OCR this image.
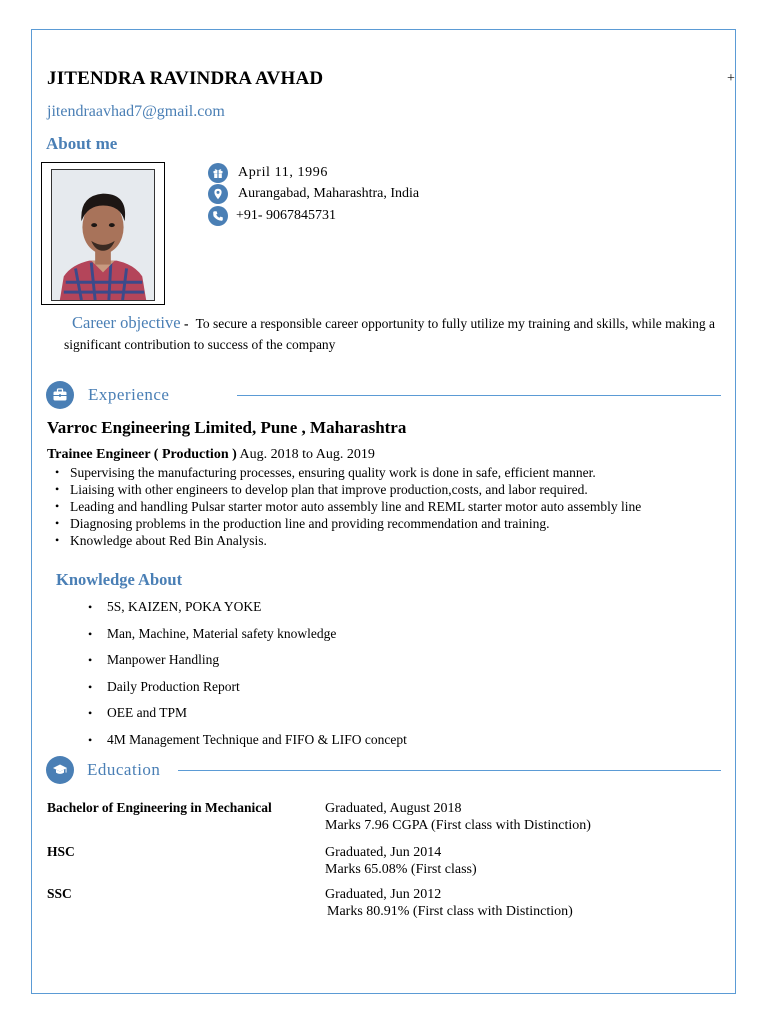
JITENDRA RAVINDRA AVHAD	+
jitendraavhad7@gmail.com
About me
April 11, 1996
Aurangabad, Maharashtra, India
+91- 9067845731
Career objective - To secure a responsible career opportunity to fully utilize my training and skills, while making a significant contribution to success of the company
Experience
Varroc Engineering Limited, Pune , Maharashtra
Trainee Engineer ( Production ) Aug. 2018 to Aug. 2019
• Supervising the manufacturing processes, ensuring quality work is done in safe, efficient manner.
• Liaising with other engineers to develop plan that improve production,costs, and labor required.
• Leading and handling Pulsar starter motor auto assembly line and REML starter motor auto assembly line
• Diagnosing problems in the production line and providing recommendation and training.
• Knowledge about Red Bin Analysis.
Knowledge About
• 5S, KAIZEN, POKA YOKE
• Man, Machine, Material safety knowledge
• Manpower Handling
• Daily Production Report
• OEE and TPM
• 4M Management Technique and FIFO & LIFO concept
Education
Bachelor of Engineering in Mechanical	Graduated, August 2018
Marks 7.96 CGPA (First class with Distinction)
HSC	Graduated, Jun 2014
Marks 65.08% (First class)
SSC	Graduated, Jun 2012
Marks 80.91% (First class with Distinction)
